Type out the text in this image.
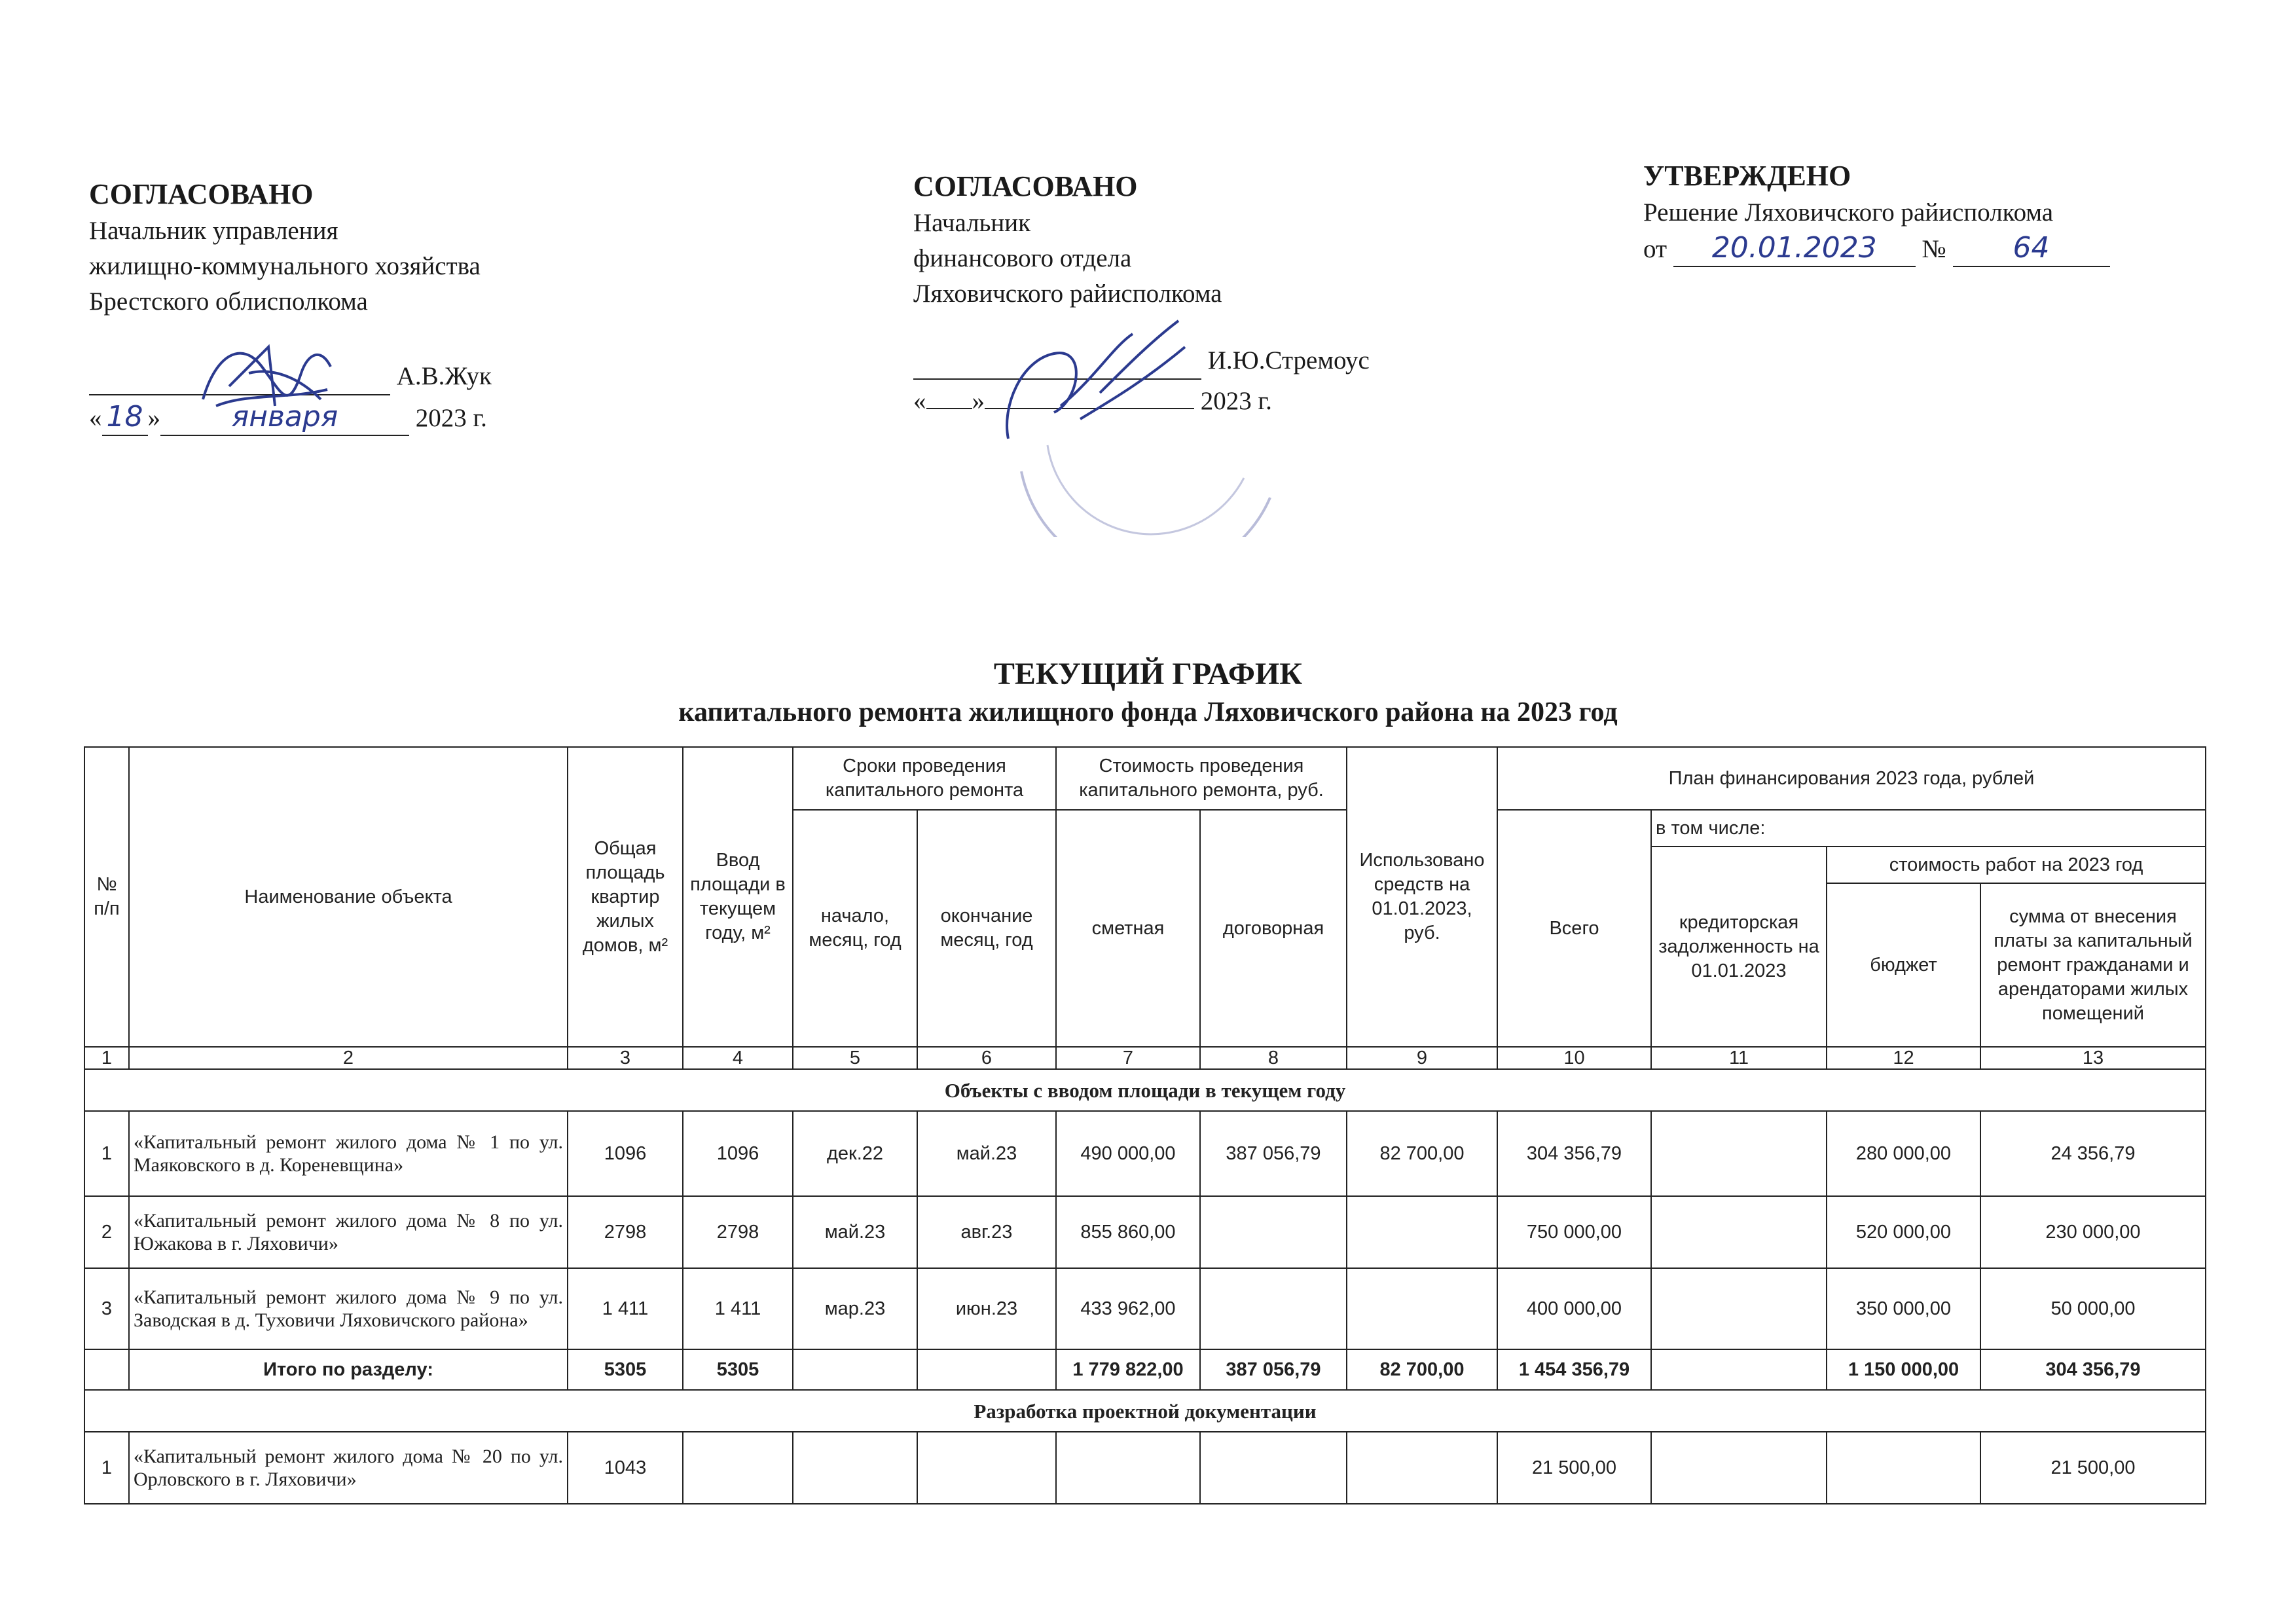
СОГЛАСОВАНО
Начальник управления
жилищно-коммунального хозяйства
Брестского облисполкома
А.В.Жук
« 18 » января	2023 г.
СОГЛАСОВАНО
Начальник
финансового отдела
Ляховичского райисполкома
И.Ю.Стремоус
« »	2023 г.
УТВЕРЖДЕНО
Решение Ляховичского райисполкома
от 20.01.2023 № 64
ТЕКУЩИЙ ГРАФИК
капитального ремонта жилищного фонда Ляховичского района на 2023 год
№ п/п	Наименование объекта	Общая площадь квартир жилых домов, м²	Ввод площади в текущем году, м²	Сроки проведения капитального ремонта		Стоимость проведения капитального ремонта, руб.		Использовано средств на 01.01.2023, руб.	План финансирования 2023 года, рублей			
				начало, месяц, год	окончание месяц, год	сметная	договорная		Всего	в том числе:		
										кредиторская задолженность на 01.01.2023	стоимость работ на 2023 год	
											бюджет	сумма от внесения платы за капитальный ремонт гражданами и арендаторами жилых помещений
1	2	3	4	5	6	7	8	9	10	11	12	13
Объекты с вводом площади в текущем году												
1	«Капитальный ремонт жилого дома № 1 по ул. Маяковского в д. Кореневщина»	1096	1096	дек.22	май.23	490 000,00	387 056,79	82 700,00	304 356,79		280 000,00	24 356,79
2	«Капитальный ремонт жилого дома № 8 по ул. Южакова в г. Ляховичи»	2798	2798	май.23	авг.23	855 860,00			750 000,00		520 000,00	230 000,00
3	«Капитальный ремонт жилого дома № 9 по ул. Заводская в д. Туховичи Ляховичского района»	1 411	1 411	мар.23	июн.23	433 962,00			400 000,00		350 000,00	50 000,00
	Итого по разделу:	5305	5305			1 779 822,00	387 056,79	82 700,00	1 454 356,79		1 150 000,00	304 356,79
Разработка проектной документации												
1	«Капитальный ремонт жилого дома № 20 по ул. Орловского в г. Ляховичи»	1043							21 500,00			21 500,00
